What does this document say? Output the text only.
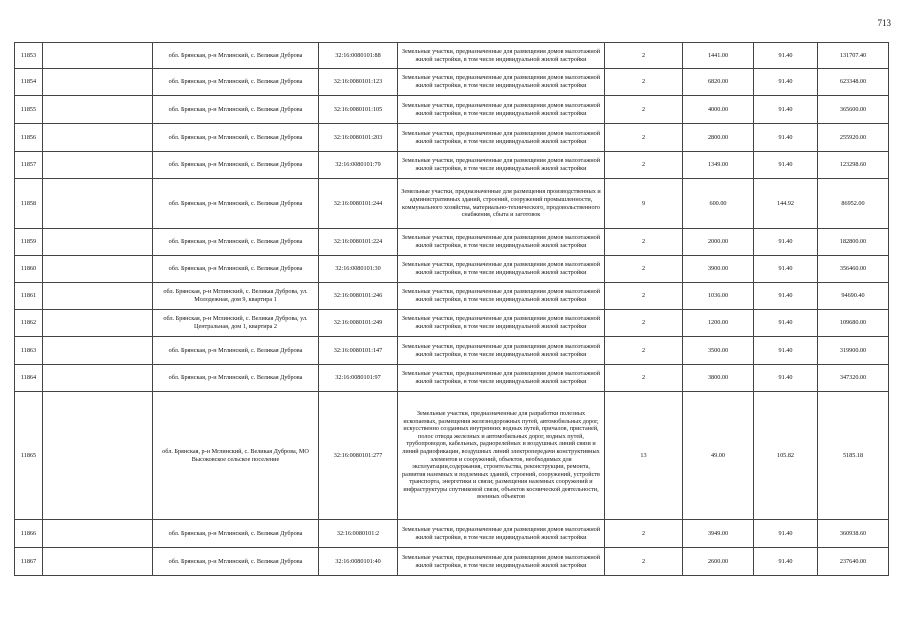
713
11853		обл. Брянская, р-н Мглинский, с. Великая Дуброва	32:16:0080101:88	Земельные участки, предназначенные для размещения домов малоэтажной жилой застройки, в том числе индивидуальной жилой застройки	2	1441.00	91.40	131707.40
11854		обл. Брянская, р-н Мглинский, с. Великая Дуброва	32:16:0080101:123	Земельные участки, предназначенные для размещения домов малоэтажной жилой застройки, в том числе индивидуальной жилой застройки	2	6820.00	91.40	623348.00
11855		обл. Брянская, р-н Мглинский, с. Великая Дуброва	32:16:0080101:105	Земельные участки, предназначенные для размещения домов малоэтажной жилой застройки, в том числе индивидуальной жилой застройки	2	4000.00	91.40	365600.00
11856		обл. Брянская, р-н Мглинский, с. Великая Дуброва	32:16:0080101:203	Земельные участки, предназначенные для размещения домов малоэтажной жилой застройки, в том числе индивидуальной жилой застройки	2	2800.00	91.40	255920.00
11857		обл. Брянская, р-н Мглинский, с. Великая Дуброва	32:16:0080101:79	Земельные участки, предназначенные для размещения домов малоэтажной жилой застройки, в том числе индивидуальной жилой застройки	2	1349.00	91.40	123298.60
11858		обл. Брянская, р-н Мглинский, с. Великая Дуброва	32:16:0080101:244	Земельные участки, предназначенные для размещения производственных и административных зданий, строений, сооружений промышленности, коммунального хозяйства, материально-технического, продовольственного снабжения, сбыта и заготовок	9	600.00	144.92	86952.00
11859		обл. Брянская, р-н Мглинский, с. Великая Дуброва	32:16:0080101:224	Земельные участки, предназначенные для размещения домов малоэтажной жилой застройки, в том числе индивидуальной жилой застройки	2	2000.00	91.40	182800.00
11860		обл. Брянская, р-н Мглинский, с. Великая Дуброва	32:16:0080101:30	Земельные участки, предназначенные для размещения домов малоэтажной жилой застройки, в том числе индивидуальной жилой застройки	2	3900.00	91.40	356460.00
11861		обл. Брянская, р-н Мглинский, с. Великая Дуброва, ул. Молодежная, дом 9, квартира 1	32:16:0080101:246	Земельные участки, предназначенные для размещения домов малоэтажной жилой застройки, в том числе индивидуальной жилой застройки	2	1036.00	91.40	94690.40
11862		обл. Брянская, р-н Мглинский, с. Великая Дуброва, ул. Центральная, дом 1, квартира 2	32:16:0080101:249	Земельные участки, предназначенные для размещения домов малоэтажной жилой застройки, в том числе индивидуальной жилой застройки	2	1200.00	91.40	109680.00
11863		обл. Брянская, р-н Мглинский, с. Великая Дуброва	32:16:0080101:147	Земельные участки, предназначенные для размещения домов малоэтажной жилой застройки, в том числе индивидуальной жилой застройки	2	3500.00	91.40	319900.00
11864		обл. Брянская, р-н Мглинский, с. Великая Дуброва	32:16:0080101:97	Земельные участки, предназначенные для размещения домов малоэтажной жилой застройки, в том числе индивидуальной жилой застройки	2	3800.00	91.40	347320.00
11865		обл. Брянская, р-н Мглинский, с. Великая Дуброва, МО Высоковское сельское поселение	32:16:0080101:277	Земельные участки, предназначенные для разработки полезных ископаемых, размещения железнодорожных путей, автомобильных дорог, искусственно созданных внутренних водных путей, причалов, пристаней, полос отвода железных и автомобильных дорог, водных путей, трубопроводов, кабельных, радиорелейных и воздушных линий связи и линий радиофикации, воздушных линий электропередачи конструктивных элементов и сооружений, объектов, необходимых для эксплуатации,содержания, строительства, реконструкции, ремонта, развития наземных и подземных зданий, строений, сооружений, устройств транспорта, энергетики и связи; размещения наземных сооружений и инфраструктуры спутниковой связи, объектов космической деятельности, военных объектов	13	49.00	105.82	5185.18
11866		обл. Брянская, р-н Мглинский, с. Великая Дуброва	32:16:0080101:2	Земельные участки, предназначенные для размещения домов малоэтажной жилой застройки, в том числе индивидуальной жилой застройки	2	3949.00	91.40	360938.60
11867		обл. Брянская, р-н Мглинский, с. Великая Дуброва	32:16:0080101:40	Земельные участки, предназначенные для размещения домов малоэтажной жилой застройки, в том числе индивидуальной жилой застройки	2	2600.00	91.40	237640.00
